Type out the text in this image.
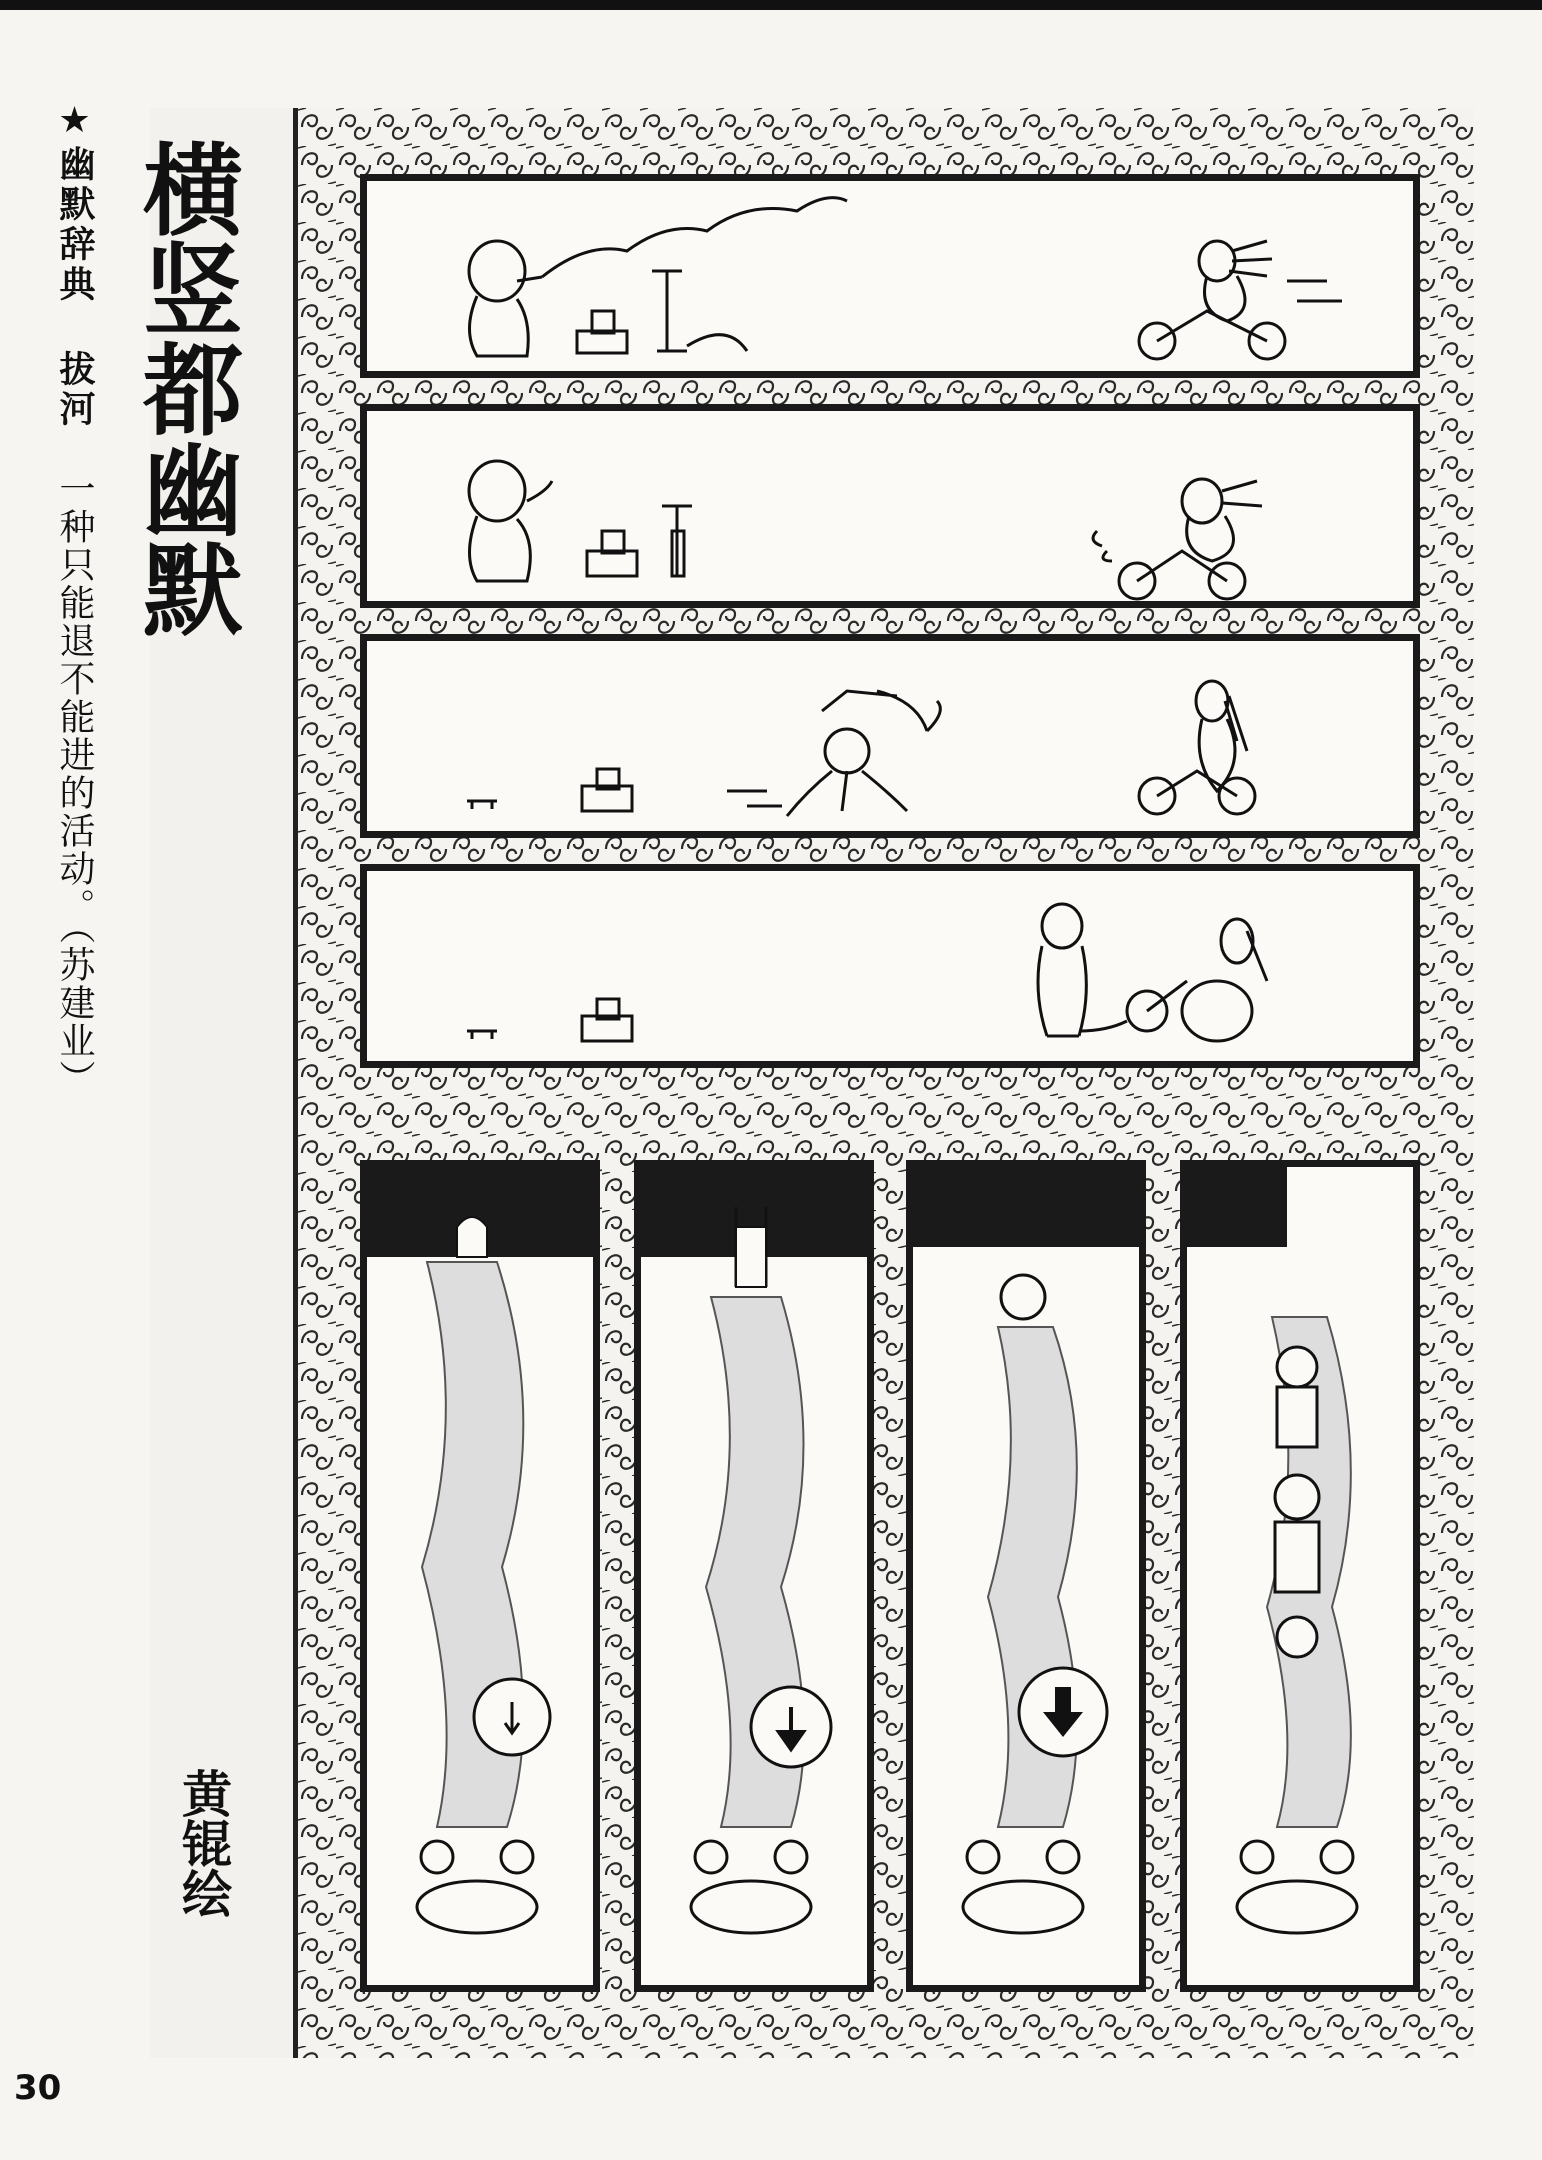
★幽默辞典 拔河

一种只能退不能进的活动。（苏建业）

横竖都幽默
黄锟绘
30
